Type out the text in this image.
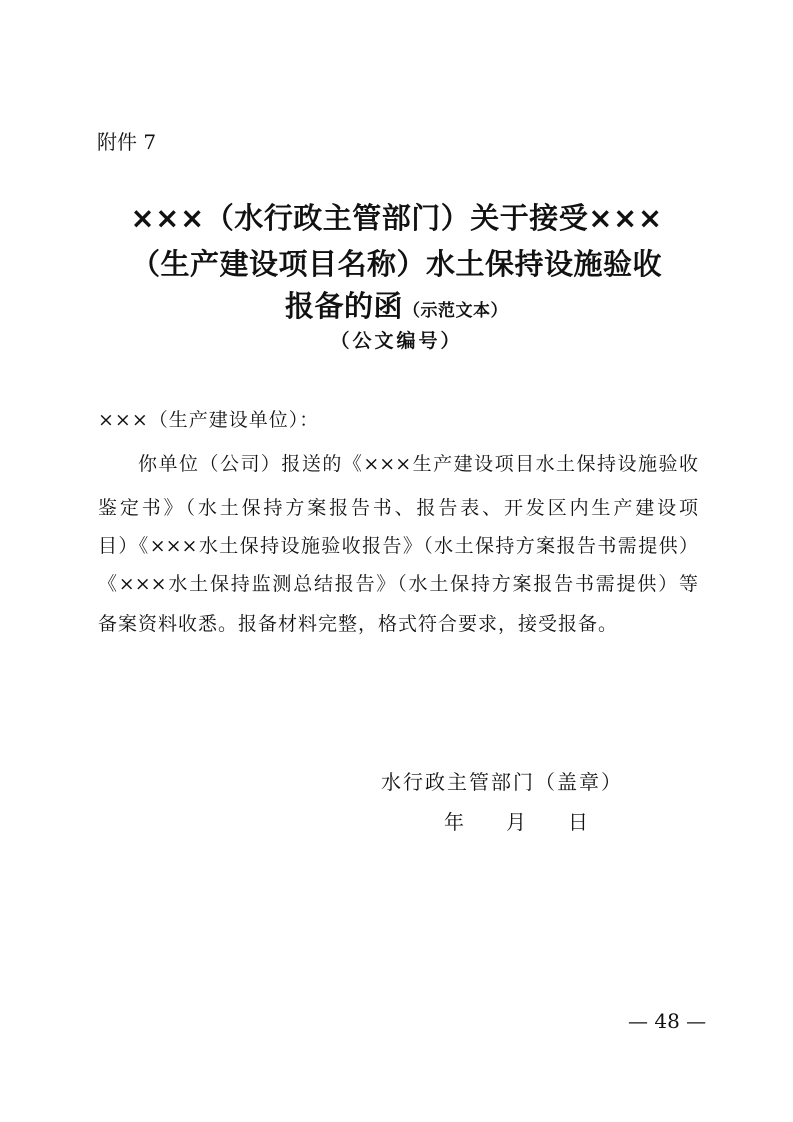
附件 7
×××（水行政主管部门）关于接受×××
（生产建设项目名称）水土保持设施验收
报备的函（示范文本）
（公文编号）
×××（生产建设单位）：
你单位（公司）报送的《×××生产建设项目水土保持设施验收
鉴定书》（水土保持方案报告书、报告表、开发区内生产建设项
目）《×××水土保持设施验收报告》（水土保持方案报告书需提供）
《×××水土保持监测总结报告》（水土保持方案报告书需提供）等
备案资料收悉。报备材料完整，格式符合要求，接受报备。
水行政主管部门（盖章）
年 月 日
— 48 —
